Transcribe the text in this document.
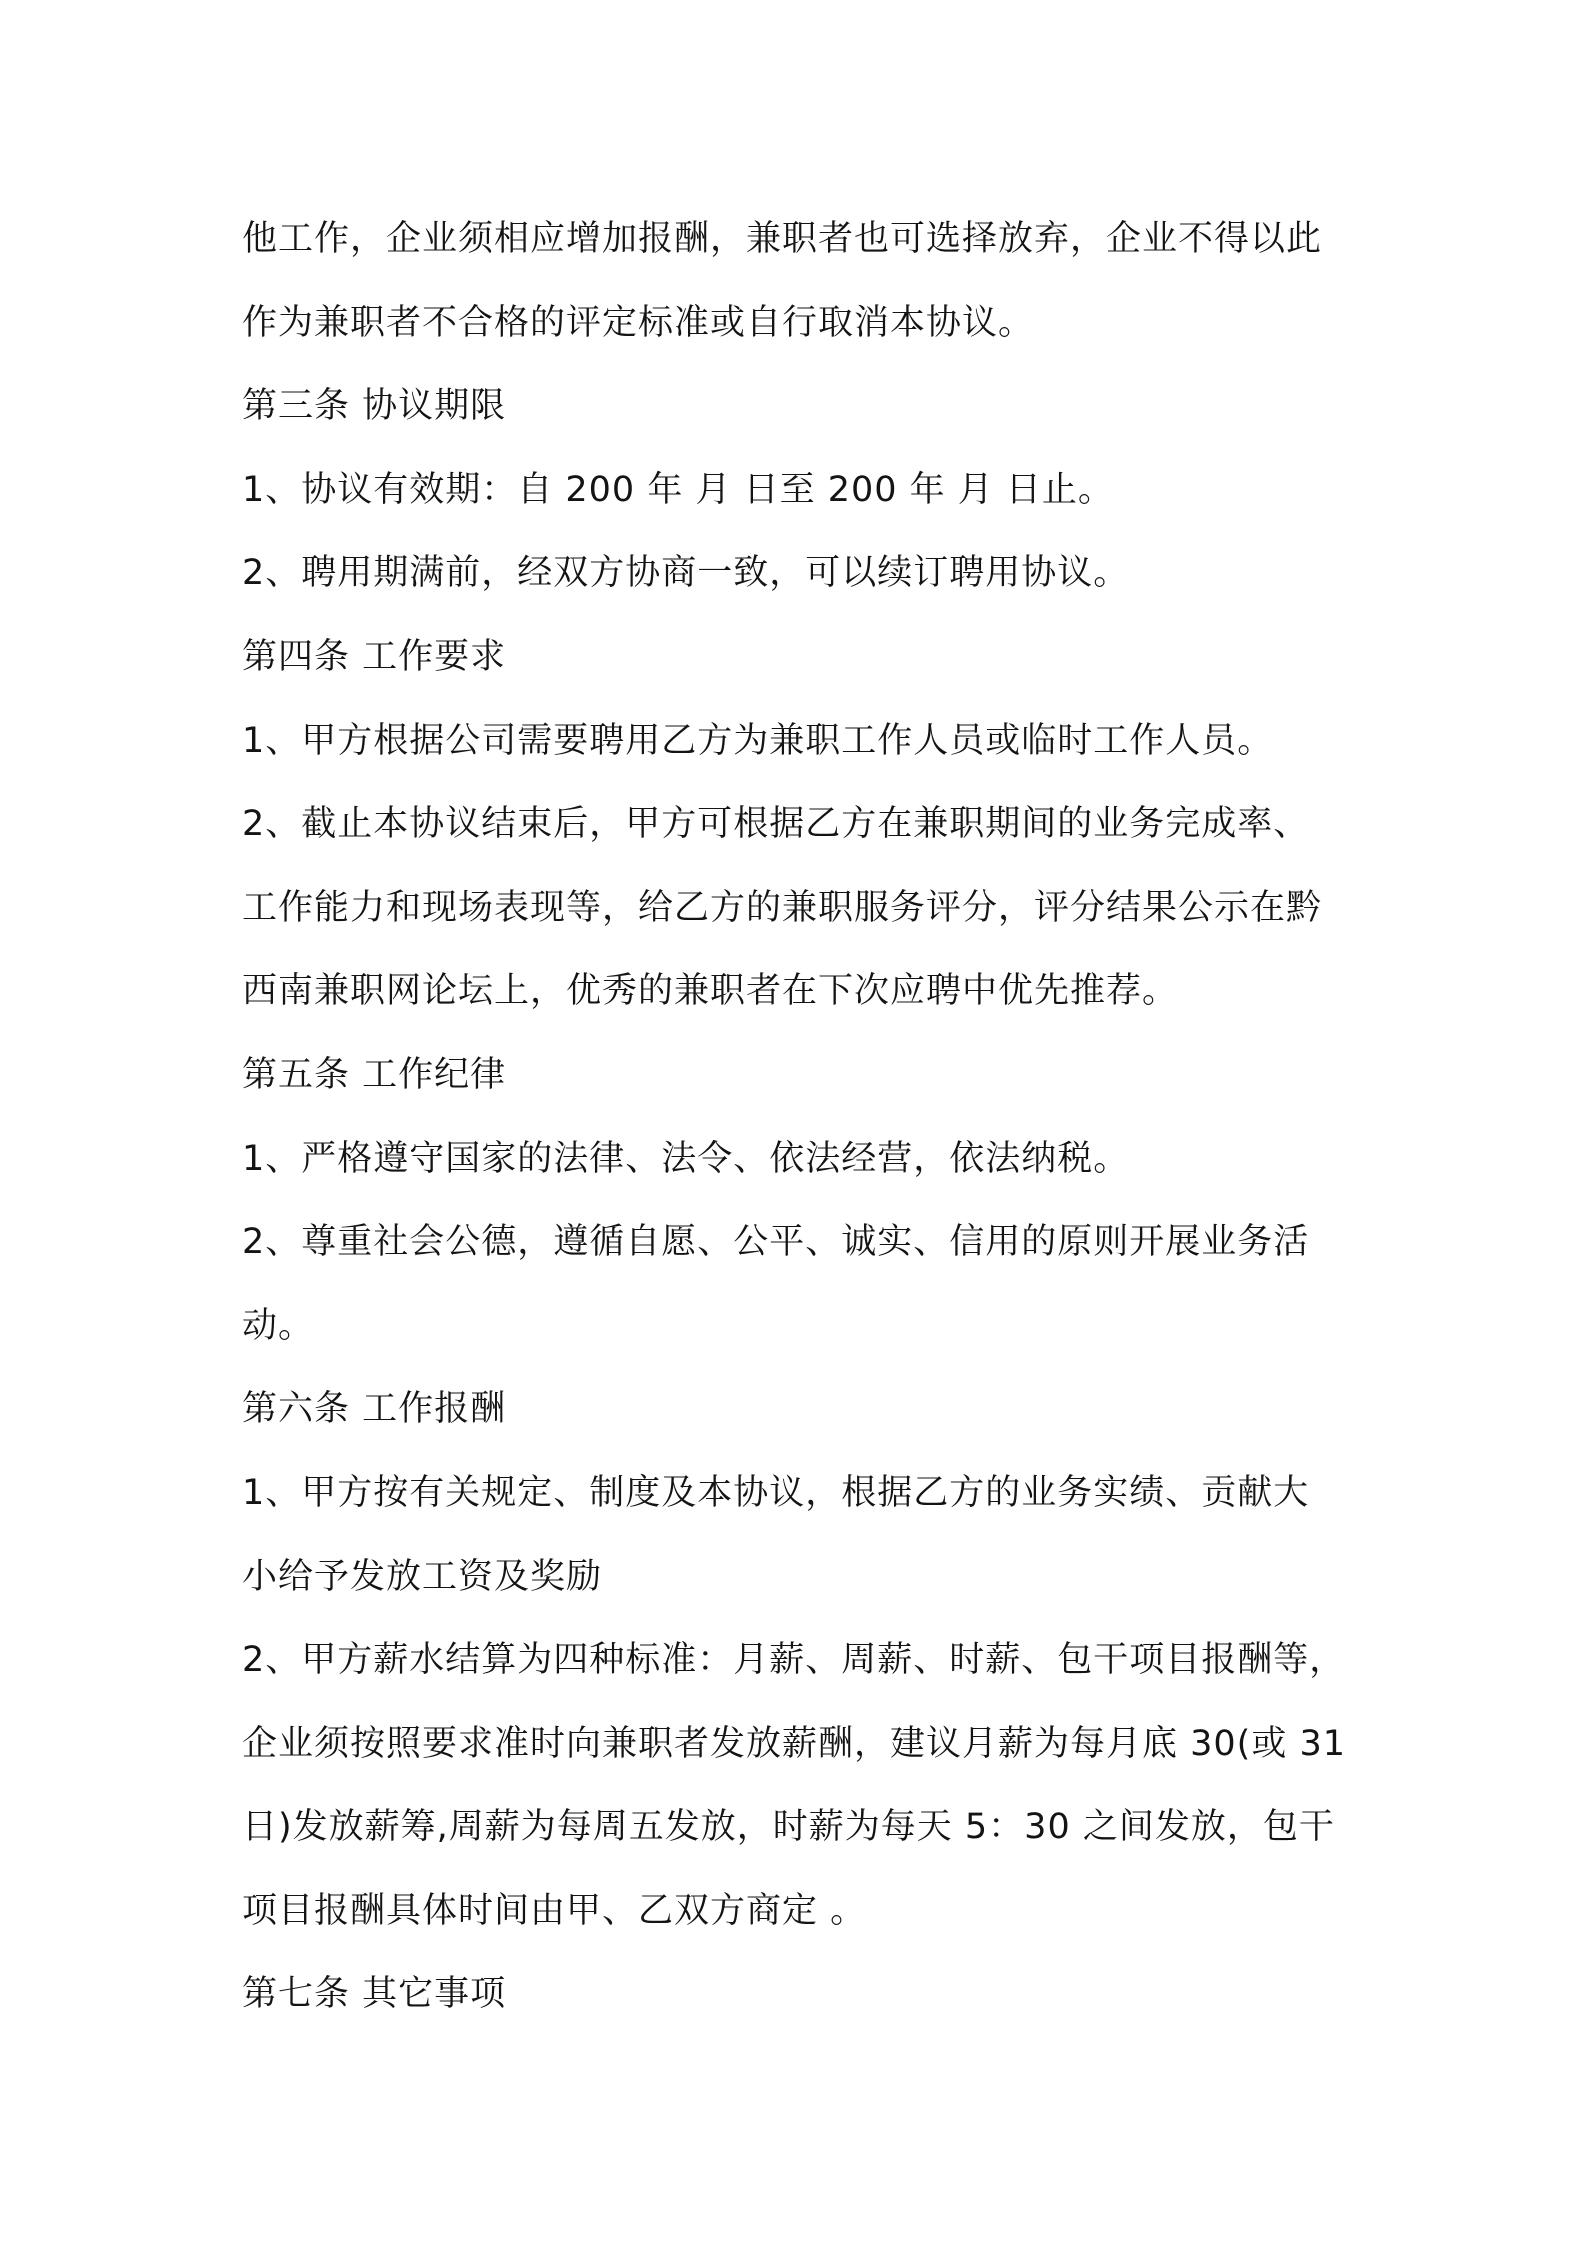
他工作，企业须相应增加报酬，兼职者也可选择放弃，企业不得以此
作为兼职者不合格的评定标准或自行取消本协议。
第三条 协议期限
1、协议有效期：自 200 年 月 日至 200 年 月 日止。
2、聘用期满前，经双方协商一致，可以续订聘用协议。
第四条 工作要求
1、甲方根据公司需要聘用乙方为兼职工作人员或临时工作人员。
2、截止本协议结束后，甲方可根据乙方在兼职期间的业务完成率、
工作能力和现场表现等，给乙方的兼职服务评分，评分结果公示在黔
西南兼职网论坛上，优秀的兼职者在下次应聘中优先推荐。
第五条 工作纪律
1、严格遵守国家的法律、法令、依法经营，依法纳税。
2、尊重社会公德，遵循自愿、公平、诚实、信用的原则开展业务活
动。
第六条 工作报酬
1、甲方按有关规定、制度及本协议，根据乙方的业务实绩、贡献大
小给予发放工资及奖励
2、甲方薪水结算为四种标准：月薪、周薪、时薪、包干项目报酬等，
企业须按照要求准时向兼职者发放薪酬，建议月薪为每月底 30(或 31
日)发放薪筹,周薪为每周五发放，时薪为每天 5：30 之间发放，包干
项目报酬具体时间由甲、乙双方商定 。
第七条 其它事项
